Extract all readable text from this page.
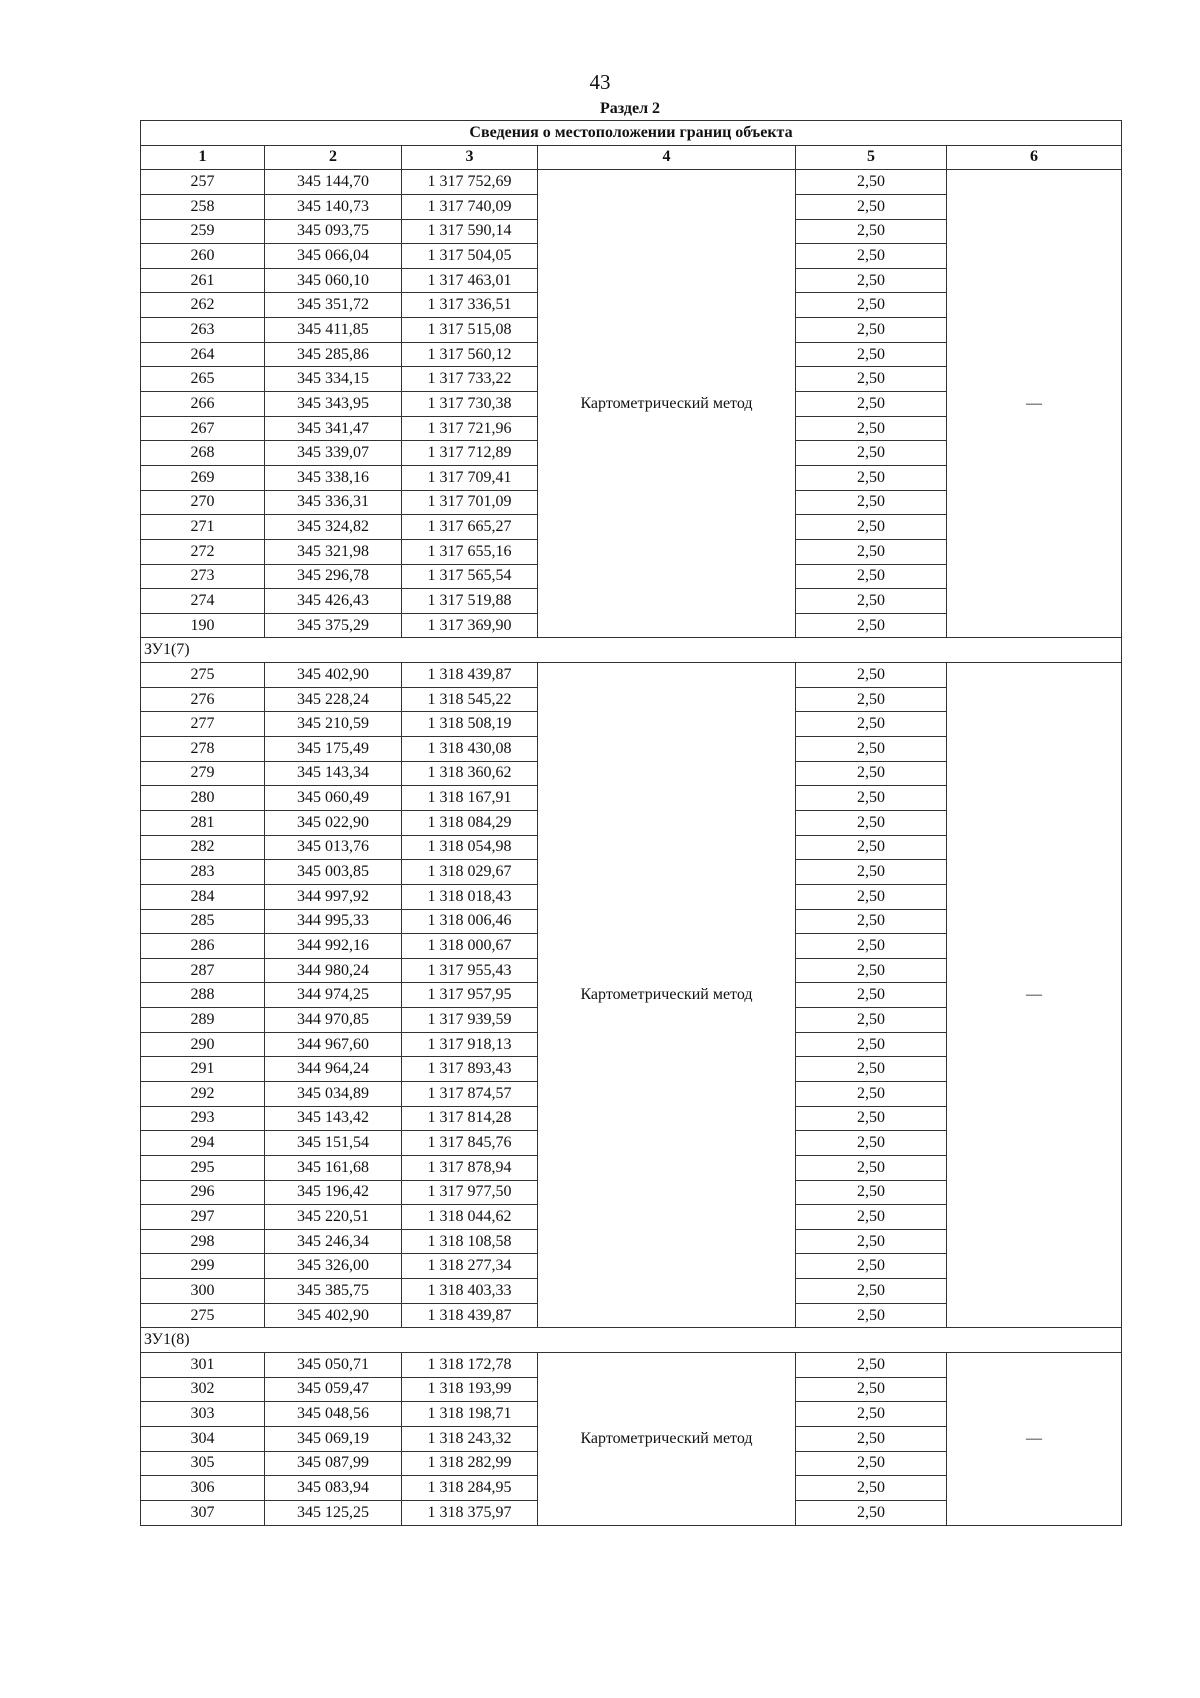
43
Раздел 2
Сведения о местоположении границ объекта					
1	2	3	4	5	6
257	345 144,70	1 317 752,69	Картометрический метод	2,50	—
258	345 140,73	1 317 740,09		2,50	
259	345 093,75	1 317 590,14		2,50	
260	345 066,04	1 317 504,05		2,50	
261	345 060,10	1 317 463,01		2,50	
262	345 351,72	1 317 336,51		2,50	
263	345 411,85	1 317 515,08		2,50	
264	345 285,86	1 317 560,12		2,50	
265	345 334,15	1 317 733,22		2,50	
266	345 343,95	1 317 730,38		2,50	
267	345 341,47	1 317 721,96		2,50	
268	345 339,07	1 317 712,89		2,50	
269	345 338,16	1 317 709,41		2,50	
270	345 336,31	1 317 701,09		2,50	
271	345 324,82	1 317 665,27		2,50	
272	345 321,98	1 317 655,16		2,50	
273	345 296,78	1 317 565,54		2,50	
274	345 426,43	1 317 519,88		2,50	
190	345 375,29	1 317 369,90		2,50	
ЗУ1(7)					
275	345 402,90	1 318 439,87	Картометрический метод	2,50	—
276	345 228,24	1 318 545,22		2,50	
277	345 210,59	1 318 508,19		2,50	
278	345 175,49	1 318 430,08		2,50	
279	345 143,34	1 318 360,62		2,50	
280	345 060,49	1 318 167,91		2,50	
281	345 022,90	1 318 084,29		2,50	
282	345 013,76	1 318 054,98		2,50	
283	345 003,85	1 318 029,67		2,50	
284	344 997,92	1 318 018,43		2,50	
285	344 995,33	1 318 006,46		2,50	
286	344 992,16	1 318 000,67		2,50	
287	344 980,24	1 317 955,43		2,50	
288	344 974,25	1 317 957,95		2,50	
289	344 970,85	1 317 939,59		2,50	
290	344 967,60	1 317 918,13		2,50	
291	344 964,24	1 317 893,43		2,50	
292	345 034,89	1 317 874,57		2,50	
293	345 143,42	1 317 814,28		2,50	
294	345 151,54	1 317 845,76		2,50	
295	345 161,68	1 317 878,94		2,50	
296	345 196,42	1 317 977,50		2,50	
297	345 220,51	1 318 044,62		2,50	
298	345 246,34	1 318 108,58		2,50	
299	345 326,00	1 318 277,34		2,50	
300	345 385,75	1 318 403,33		2,50	
275	345 402,90	1 318 439,87		2,50	
ЗУ1(8)					
301	345 050,71	1 318 172,78	Картометрический метод	2,50	—
302	345 059,47	1 318 193,99		2,50	
303	345 048,56	1 318 198,71		2,50	
304	345 069,19	1 318 243,32		2,50	
305	345 087,99	1 318 282,99		2,50	
306	345 083,94	1 318 284,95		2,50	
307	345 125,25	1 318 375,97		2,50	
